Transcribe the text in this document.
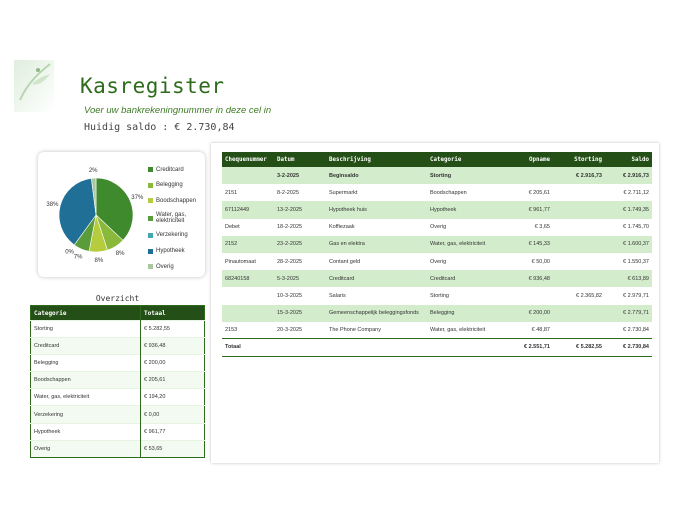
Kasregister
Voer uw bankrekeningnummer in deze cel in
Huidig saldo : € 2.730,84
37%
8%
8%
7%
0%
38%
2%	Creditcard
Belegging
Boodschappen
Water, gas, elektriciteit
Verzekering
Hypotheek
Overig
Overzicht
Categorie	Totaal
Storting	€ 5.282,55
Creditcard	€ 936,48
Belegging	€ 200,00
Boodschappen	€ 205,61
Water, gas, elektriciteit	€ 194,20
Verzekering	€ 0,00
Hypotheek	€ 961,77
Overig	€ 53,65
Chequenummer	Datum	Beschrijving	Categorie	Opname	Storting	Saldo
	3-2-2025	Beginsaldo	Storting		€ 2.916,73	€ 2.916,73
2151	8-2-2025	Supermarkt	Boodschappen	€ 205,61		€ 2.711,12
67112449	13-2-2025	Hypotheek huis	Hypotheek	€ 961,77		€ 1.749,35
Debet	18-2-2025	Koffiezaak	Overig	€ 3,65		€ 1.745,70
2152	23-2-2025	Gas en elektra	Water, gas, elektriciteit	€ 145,33		€ 1.600,37
Pinautomaat	28-2-2025	Contant geld	Overig	€ 50,00		€ 1.550,37
68240158	5-3-2025	Creditcard	Creditcard	€ 936,48		€ 613,89
	10-3-2025	Salaris	Storting		€ 2.365,82	€ 2.979,71
	15-3-2025	Gemeenschappelijk beleggingsfonds	Belegging	€ 200,00		€ 2.779,71
2153	20-3-2025	The Phone Company	Water, gas, elektriciteit	€ 48,87		€ 2.730,84
Totaal				€ 2.551,71	€ 5.282,55	€ 2.730,84
